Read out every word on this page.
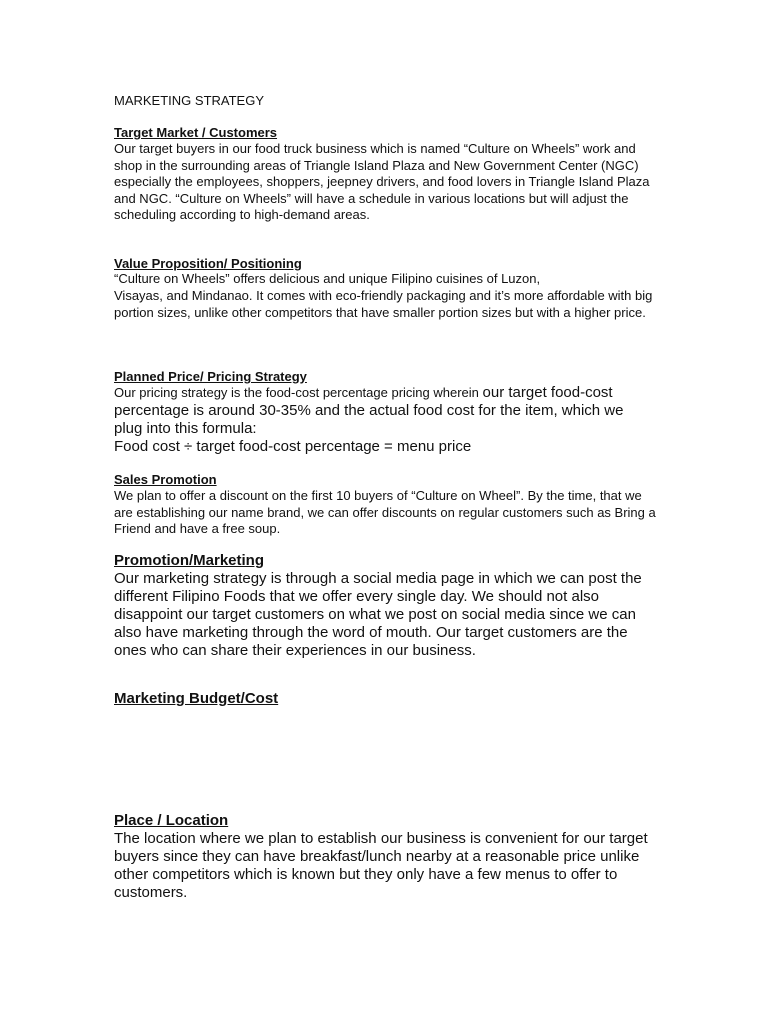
MARKETING STRATEGY
Target Market / Customers

Our target buyers in our food truck business which is named “Culture on Wheels” work and shop in the surrounding areas of Triangle Island Plaza and New Government Center (NGC) especially the employees, shoppers, jeepney drivers, and food lovers in Triangle Island Plaza and NGC. “Culture on Wheels” will have a schedule in various locations but will adjust the scheduling according to high-demand areas.

Value Proposition/ Positioning
“Culture on Wheels” offers delicious and unique Filipino cuisines of Luzon,

Visayas, and Mindanao. It comes with eco-friendly packaging and it’s more affordable with big portion sizes, unlike other competitors that have smaller portion sizes but with a higher price.

Planned Price/ Pricing Strategy
Our pricing strategy is the food-cost percentage pricing wherein our target food-cost
percentage is around 30-35% and the actual food cost for the item, which we
plug into this formula:
Food cost ÷ target food-cost percentage = menu price
Sales Promotion

We plan to offer a discount on the first 10 buyers of “Culture on Wheel”. By the time, that we are establishing our name brand, we can offer discounts on regular customers such as Bring a Friend and have a free soup.

Promotion/Marketing

Our marketing strategy is through a social media page in which we can post the different Filipino Foods that we offer every single day. We should not also disappoint our target customers on what we post on social media since we can also have marketing through the word of mouth. Our target customers are the ones who can share their experiences in our business.

Marketing Budget/Cost
Place / Location

The location where we plan to establish our business is convenient for our target buyers since they can have breakfast/lunch nearby at a reasonable price unlike other competitors which is known but they only have a few menus to offer to customers.
